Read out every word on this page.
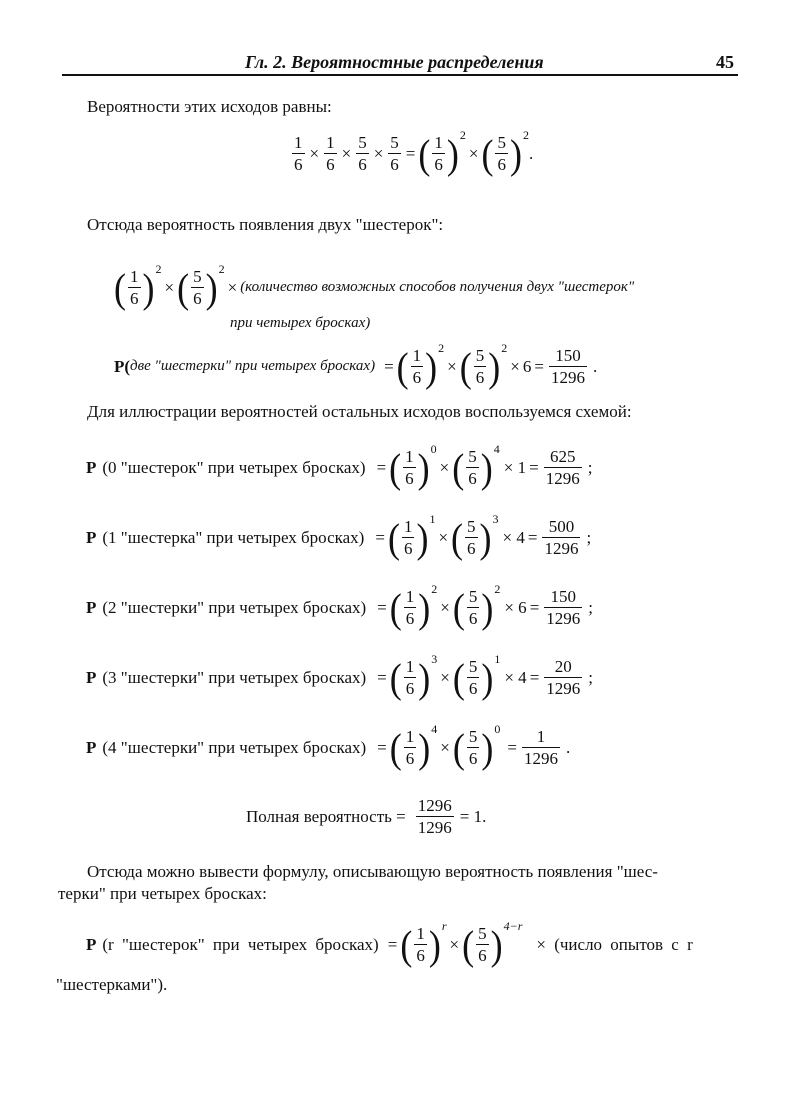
Гл. 2. Вероятностные распределения	45
Вероятности этих исходов равны:
$\frac{1}{6} \times \frac{1}{6} \times \frac{5}{6} \times \frac{5}{6}$ = ( $\frac{1}{6}$ ) 2
× ( $\frac{5}{6}$ ) 2
.
Отсюда вероятность появления двух "шестерок":
( $\frac{1}{6}$ ) 2
× ( $\frac{5}{6}$ ) 2
× (количество возможных способов получения двух "шестерок"
при четырех бросках)
P( две "шестерки" при четырех бросках) = ( $\frac{1}{6}$ ) 2
× ( $\frac{5}{6}$ ) 2
× $6 = \frac{150}{1296}$ .
Для иллюстрации вероятностей остальных исходов воспользуемся схемой:
P (0 "шестерок" при четырех бросках) = ( $\frac{1}{6}$ ) 0
× ( $\frac{5}{6}$ ) 4
× $1 = \frac{625}{1296}$ ;
P (1 "шестерка" при четырех бросках) = ( $\frac{1}{6}$ ) 1
× ( $\frac{5}{6}$ ) 3
× $4 = \frac{500}{1296}$ ;
P (2 "шестерки" при четырех бросках) = ( $\frac{1}{6}$ ) 2
× ( $\frac{5}{6}$ ) 2
× $6 = \frac{150}{1296}$ ;
P (3 "шестерки" при четырех бросках) = ( $\frac{1}{6}$ ) 3
× ( $\frac{5}{6}$ ) 1
× $4 = \frac{20}{1296}$ ;
P (4 "шестерки" при четырех бросках) = ( $\frac{1}{6}$ ) 4
× ( $\frac{5}{6}$ ) 0
= $\frac{1}{1296}$ .
Полная вероятность = $\frac{1296}{1296} = 1$.
Отсюда можно вывести формулу, описывающую вероятность появления "шес-
терки" при четырех бросках:
P (r "шестерок" при четырех бросках) = ( $\frac{1}{6}$ ) r
× ( $\frac{5}{6}$ ) 4−r
× (число опытов с r
"шестерками").
